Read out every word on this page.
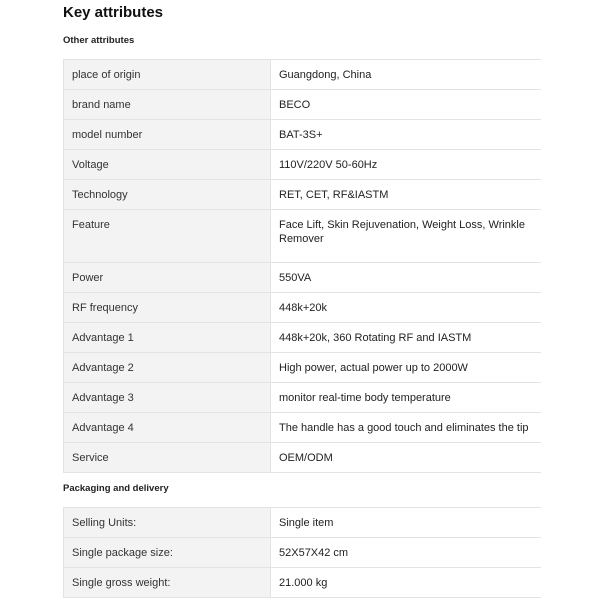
Key attributes
Other attributes
place of origin	Guangdong, China
brand name	BECO
model number	BAT-3S+
Voltage	110V/220V 50-60Hz
Technology	RET, CET, RF&IASTM
Feature	Face Lift, Skin Rejuvenation, Weight Loss, Wrinkle Remover
Power	550VA
RF frequency	448k+20k
Advantage 1	448k+20k, 360 Rotating RF and IASTM
Advantage 2	High power, actual power up to 2000W
Advantage 3	monitor real-time body temperature
Advantage 4	The handle has a good touch and eliminates the tip
Service	OEM/ODM
Packaging and delivery
Selling Units:	Single item
Single package size:	52X57X42 cm
Single gross weight:	21.000 kg
